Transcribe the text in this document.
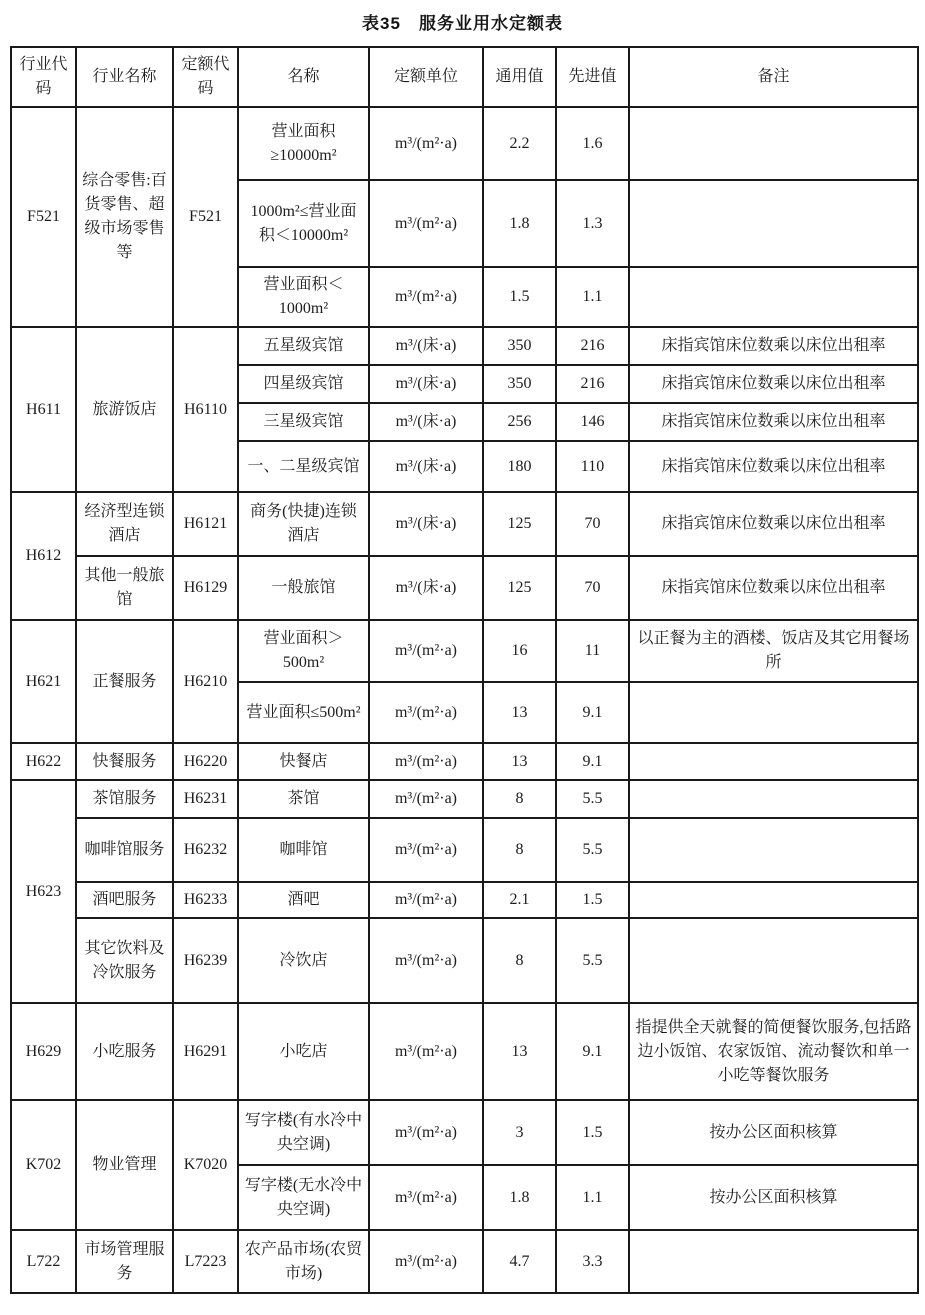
表35　服务业用水定额表
行业代码	行业名称	定额代码	名称	定额单位	通用值	先进值	备注
F521	综合零售:百货零售、超级市场零售等	F521	营业面积≥10000m²	m³/(m²·a)	2.2	1.6	
			1000m²≤营业面积＜10000m²	m³/(m²·a)	1.8	1.3	
			营业面积＜1000m²	m³/(m²·a)	1.5	1.1	
H611	旅游饭店	H6110	五星级宾馆	m³/(床·a)	350	216	床指宾馆床位数乘以床位出租率
			四星级宾馆	m³/(床·a)	350	216	床指宾馆床位数乘以床位出租率
			三星级宾馆	m³/(床·a)	256	146	床指宾馆床位数乘以床位出租率
			一、二星级宾馆	m³/(床·a)	180	110	床指宾馆床位数乘以床位出租率
H612	经济型连锁酒店	H6121	商务(快捷)连锁酒店	m³/(床·a)	125	70	床指宾馆床位数乘以床位出租率
	其他一般旅馆	H6129	一般旅馆	m³/(床·a)	125	70	床指宾馆床位数乘以床位出租率
H621	正餐服务	H6210	营业面积＞500m²	m³/(m²·a)	16	11	以正餐为主的酒楼、饭店及其它用餐场所
			营业面积≤500m²	m³/(m²·a)	13	9.1	
H622	快餐服务	H6220	快餐店	m³/(m²·a)	13	9.1	
H623	茶馆服务	H6231	茶馆	m³/(m²·a)	8	5.5	
	咖啡馆服务	H6232	咖啡馆	m³/(m²·a)	8	5.5	
	酒吧服务	H6233	酒吧	m³/(m²·a)	2.1	1.5	
	其它饮料及冷饮服务	H6239	冷饮店	m³/(m²·a)	8	5.5	
H629	小吃服务	H6291	小吃店	m³/(m²·a)	13	9.1	指提供全天就餐的简便餐饮服务,包括路边小饭馆、农家饭馆、流动餐饮和单一小吃等餐饮服务
K702	物业管理	K7020	写字楼(有水冷中央空调)	m³/(m²·a)	3	1.5	按办公区面积核算
			写字楼(无水冷中央空调)	m³/(m²·a)	1.8	1.1	按办公区面积核算
L722	市场管理服务	L7223	农产品市场(农贸市场)	m³/(m²·a)	4.7	3.3	
